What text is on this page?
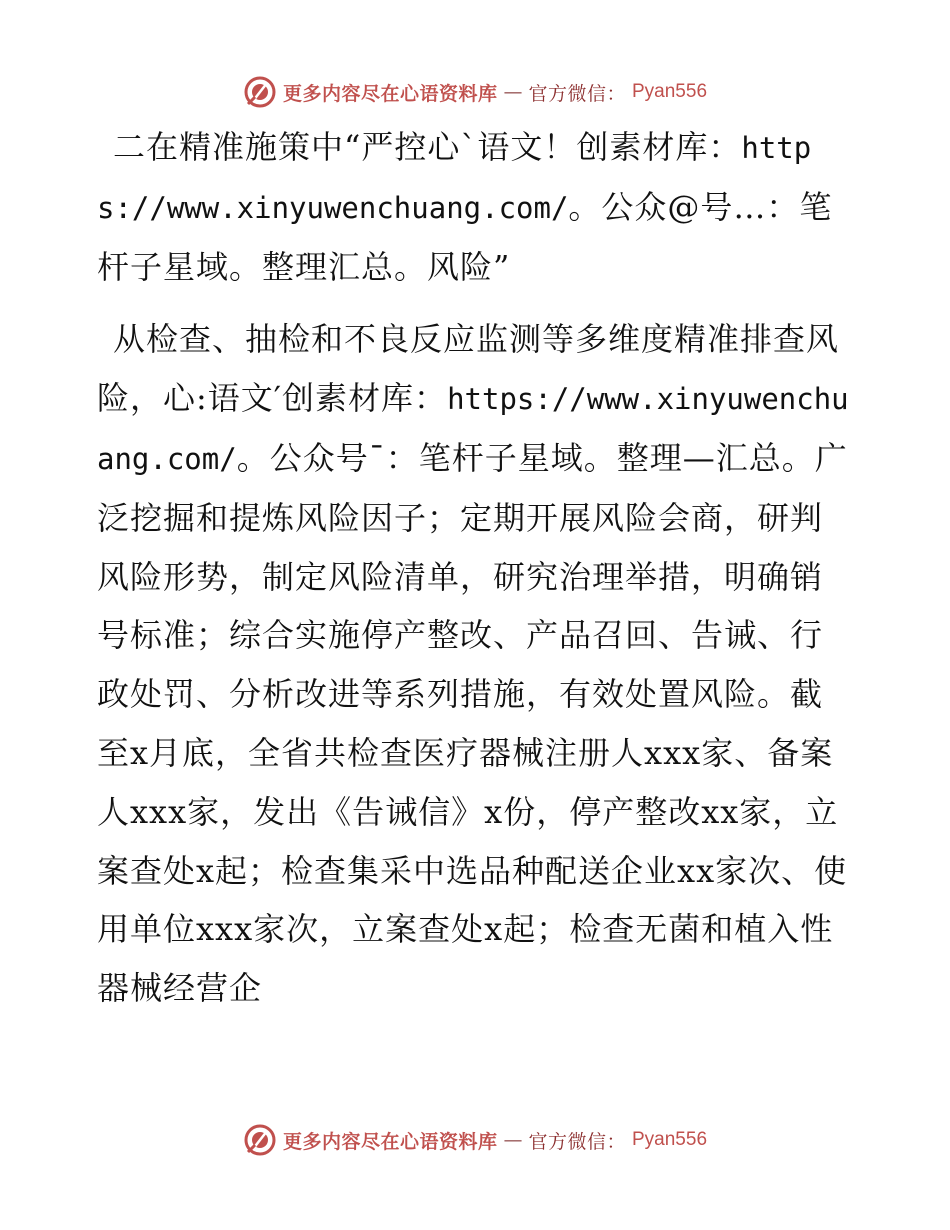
更多内容尽在心语资料库 — 官方微信： Pyan556

二在精准施策中“严控心`语文！创素材库：https://www.xinyuwenchuang.com/。公众@号…：笔杆子星域。整理汇总。风险”

从检查、抽检和不良反应监测等多维度精准排查风险，心:语文′创素材库：https://www.xinyuwenchuang.com/。公众号¯：笔杆子星域。整理—汇总。广泛挖掘和提炼风险因子；定期开展风险会商，研判风险形势，制定风险清单，研究治理举措，明确销号标准；综合实施停产整改、产品召回、告诫、行政处罚、分析改进等系列措施，有效处置风险。截至x月底，全省共检查医疗器械注册人xxx家、备案人xxx家，发出《告诫信》x份，停产整改xx家，立案查处x起；检查集采中选品种配送企业xx家次、使用单位xxx家次，立案查处x起；检查无菌和植入性器械经营企

更多内容尽在心语资料库 — 官方微信： Pyan556
